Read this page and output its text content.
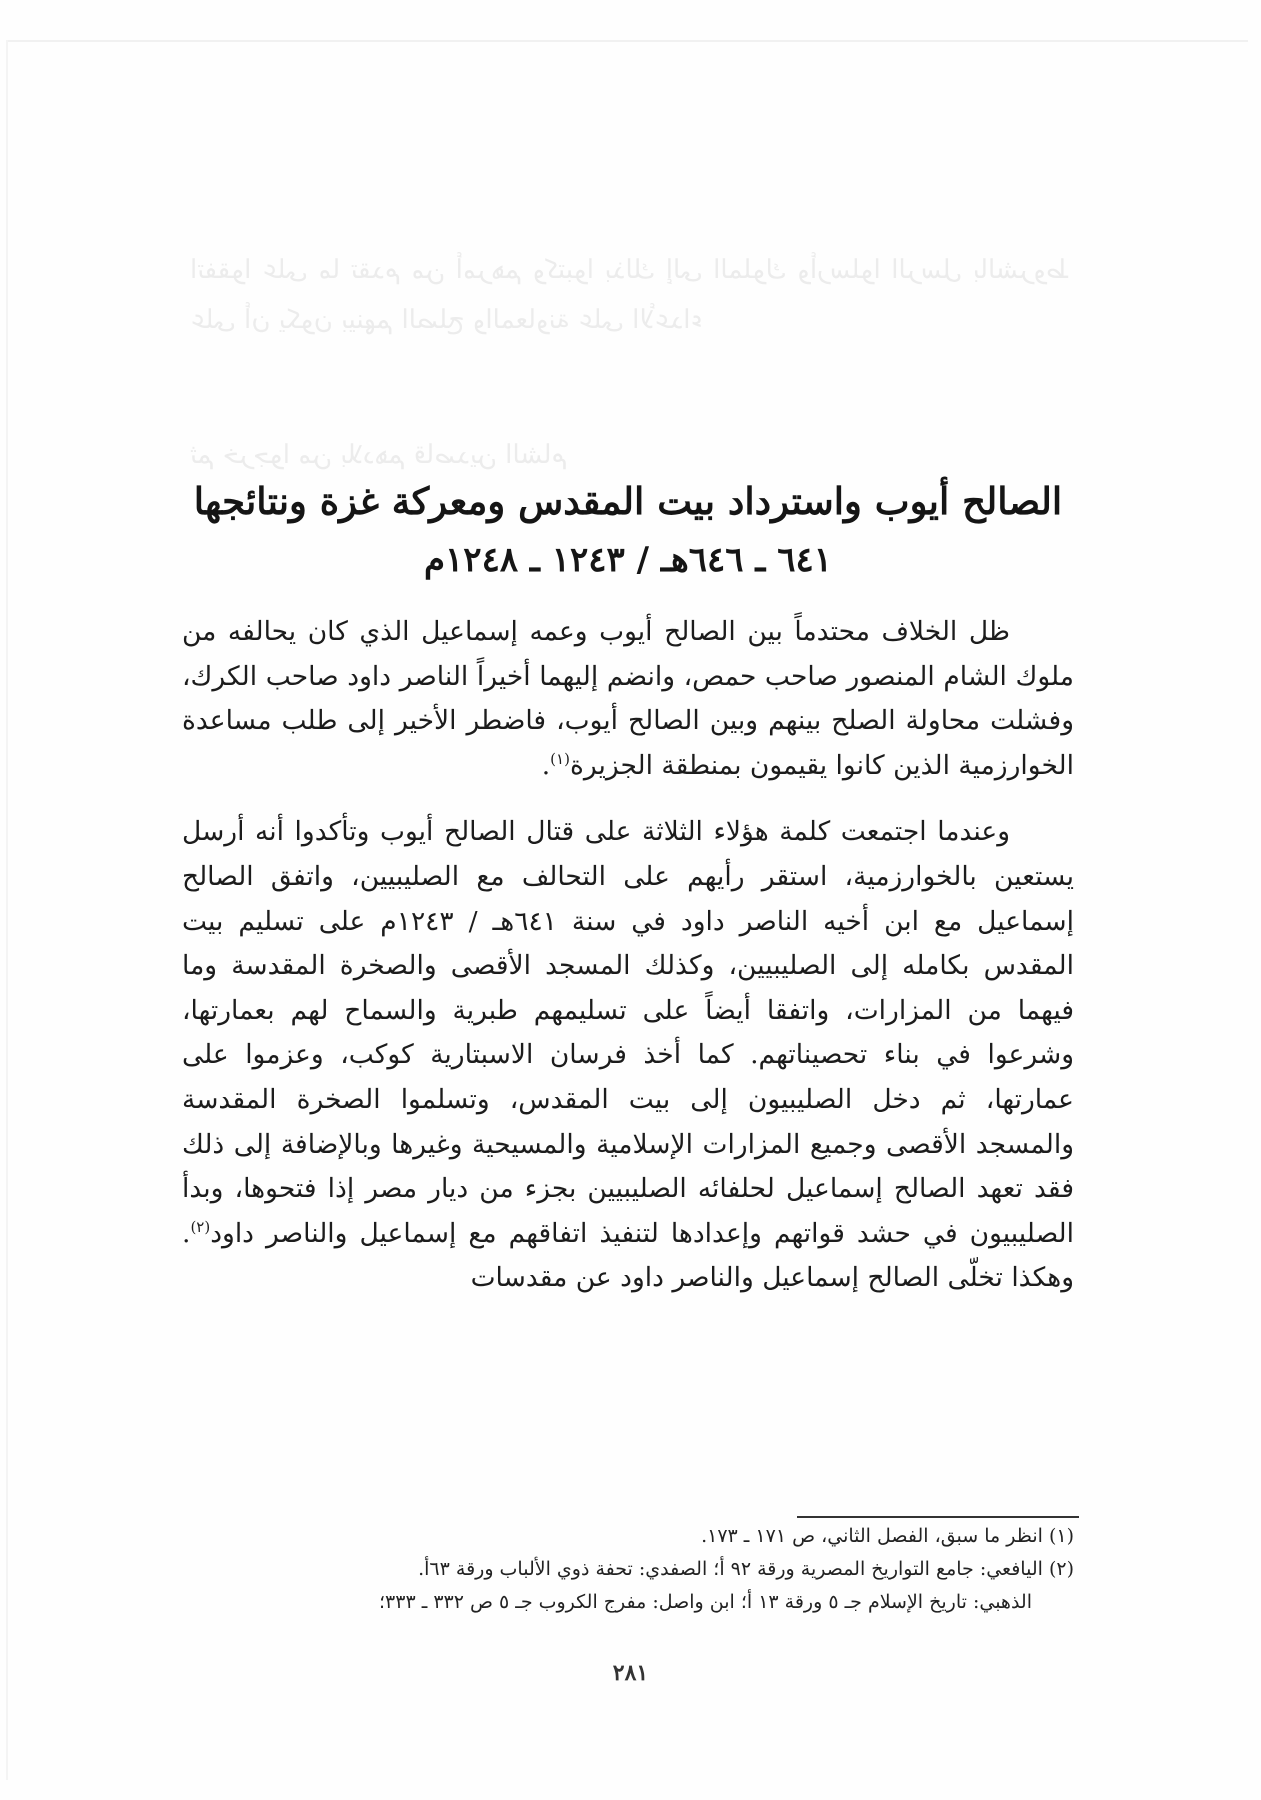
اتفقوا على ما تقدم من أمرهم وكتبوا بذلك إلى الملوك وأرسلوا الرسل بالشروط على أن يكون بينهم الصلح والمعاونة على الأعداء
ثم خرجوا من بلادهم قاصدين الشام
الصالح أيوب واسترداد بيت المقدس ومعركة غزة ونتائجها
٦٤١ ـ ٦٤٦هـ / ١٢٤٣ ـ ١٢٤٨م

ظل الخلاف محتدماً بين الصالح أيوب وعمه إسماعيل الذي كان يحالفه من ملوك الشام المنصور صاحب حمص، وانضم إليهما أخيراً الناصر داود صاحب الكرك، وفشلت محاولة الصلح بينهم وبين الصالح أيوب، فاضطر الأخير إلى طلب مساعدة الخوارزمية الذين كانوا يقيمون بمنطقة الجزيرة$^{(١)}$.

وعندما اجتمعت كلمة هؤلاء الثلاثة على قتال الصالح أيوب وتأكدوا أنه أرسل يستعين بالخوارزمية، استقر رأيهم على التحالف مع الصليبيين، واتفق الصالح إسماعيل مع ابن أخيه الناصر داود في سنة ٦٤١هـ / ١٢٤٣م على تسليم بيت المقدس بكامله إلى الصليبيين، وكذلك المسجد الأقصى والصخرة المقدسة وما فيهما من المزارات، واتفقا أيضاً على تسليمهم طبرية والسماح لهم بعمارتها، وشرعوا في بناء تحصيناتهم. كما أخذ فرسان الاسبتارية كوكب، وعزموا على عمارتها، ثم دخل الصليبيون إلى بيت المقدس، وتسلموا الصخرة المقدسة والمسجد الأقصى وجميع المزارات الإسلامية والمسيحية وغيرها وبالإضافة إلى ذلك فقد تعهد الصالح إسماعيل لحلفائه الصليبيين بجزء من ديار مصر إذا فتحوها، وبدأ الصليبيون في حشد قواتهم وإعدادها لتنفيذ اتفاقهم مع إسماعيل والناصر داود$^{(٢)}$. وهكذا تخلّى الصالح إسماعيل والناصر داود عن مقدسات

(١) انظر ما سبق، الفصل الثاني، ص ١٧١ ـ ١٧٣.

(٢) اليافعي: جامع التواريخ المصرية ورقة ٩٢ أ؛ الصفدي: تحفة ذوي الألباب ورقة ٦٣أ.

الذهبي: تاريخ الإسلام جـ ٥ ورقة ١٣ أ؛ ابن واصل: مفرج الكروب جـ ٥ ص ٣٣٢ ـ ٣٣٣؛

٢٨١
